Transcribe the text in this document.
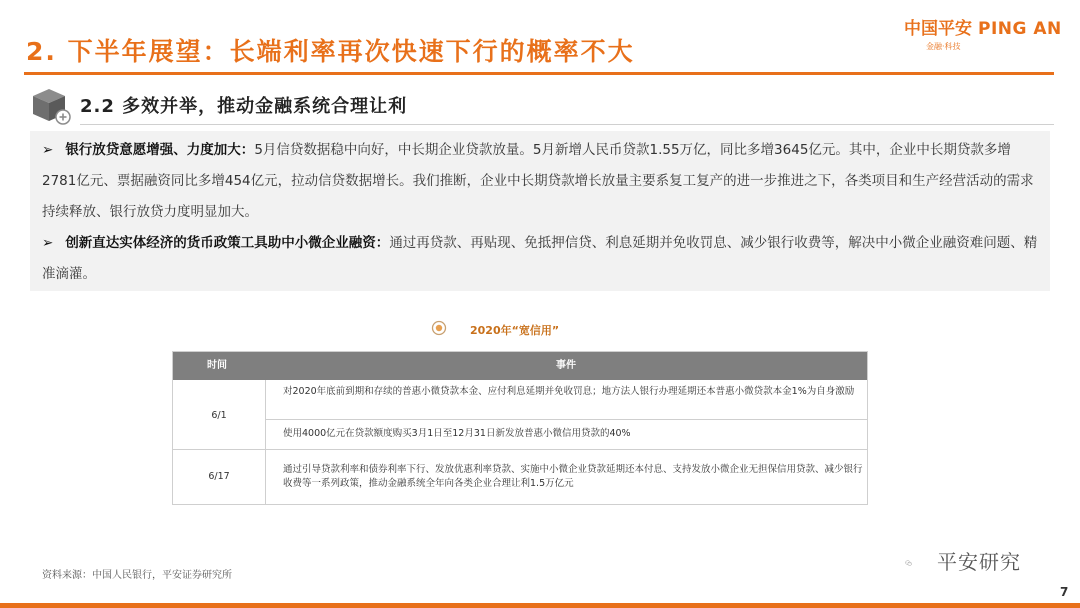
2. 下半年展望：长端利率再次快速下行的概率不大
中国平安 PING AN
金融·科技
2.2 多效并举，推动金融系统合理让利
➢ 银行放贷意愿增强、力度加大：5月信贷数据稳中向好，中长期企业贷款放量。5月新增人民币贷款1.55万亿，同比多增3645亿元。其中，企业中长期贷款多增2781亿元、票据融资同比多增454亿元，拉动信贷数据增长。我们推断，企业中长期贷款增长放量主要系复工复产的进一步推进之下，各类项目和生产经营活动的需求持续释放、银行放贷力度明显加大。
➢ 创新直达实体经济的货币政策工具助中小微企业融资：通过再贷款、再贴现、免抵押信贷、利息延期并免收罚息、减少银行收费等，解决中小微企业融资难问题、精准滴灌。
2020年“宽信用”
时间	事件
6/1
对2020年底前到期和存续的普惠小微贷款本金、应付利息延期并免收罚息；地方法人银行办理延期还本普惠小微贷款本金1%为自身激励
使用4000亿元在贷款额度购买3月1日至12月31日新发放普惠小微信用贷款的40%
6/17
通过引导贷款利率和债券利率下行、发放优惠利率贷款、实施中小微企业贷款延期还本付息、支持发放小微企业无担保信用贷款、减少银行收费等一系列政策，推动金融系统全年向各类企业合理让利1.5万亿元
资料来源：中国人民银行，平安证券研究所
平安研究
7
